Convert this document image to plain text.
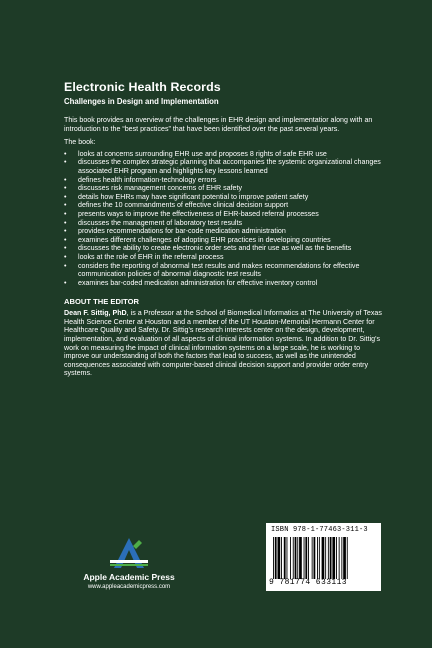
Electronic Health Records
Challenges in Design and Implementation
This book provides an overview of the challenges in EHR design and implementatior along with an introduction to the “best practices” that have been identified over the past several years.
The book:
• looks at concerns surrounding EHR use and proposes 8 rights of safe EHR use
• discusses the complex strategic planning that accompanies the systemic organizational changes associated EHR program and highlights key lessons learned
• defines health information-technology errors
• discusses risk management concerns of EHR safety
• details how EHRs may have significant potential to improve patient safety
• defines the 10 commandments of effective clinical decision support
• presents ways to improve the effectiveness of EHR-based referral processes
• discusses the management of laboratory test results
• provides recommendations for bar-code medication administration
• examines different challenges of adopting EHR practices in developing countries
• discusses the ability to create electronic order sets and their use as well as the benefits
• looks at the role of EHR in the referral process
• considers the reporting of abnormal test results and makes recommendations for effective communication policies of abnormal diagnostic test results
• examines bar-coded medication administration for effective inventory control
ABOUT THE EDITOR
Dean F. Sittig, PhD, is a Professor at the School of Biomedical Informatics at The University of Texas Health Science Center at Houston and a member of the UT Houston-Memorial Hermann Center for Healthcare Quality and Safety. Dr. Sittig's research interests center on the design, development, implementation, and evaluation of all aspects of clinical information systems. In addition to Dr. Sittig's work on measuring the impact of clinical information systems on a large scale, he is working to improve our understanding of both the factors that lead to success, as well as the unintended consequences associated with computer-based clinical decision support and provider order entry systems.
Apple Academic Press
www.appleacademicpress.com
ISBN 978-1-77463-311-3
9 781774 633113
